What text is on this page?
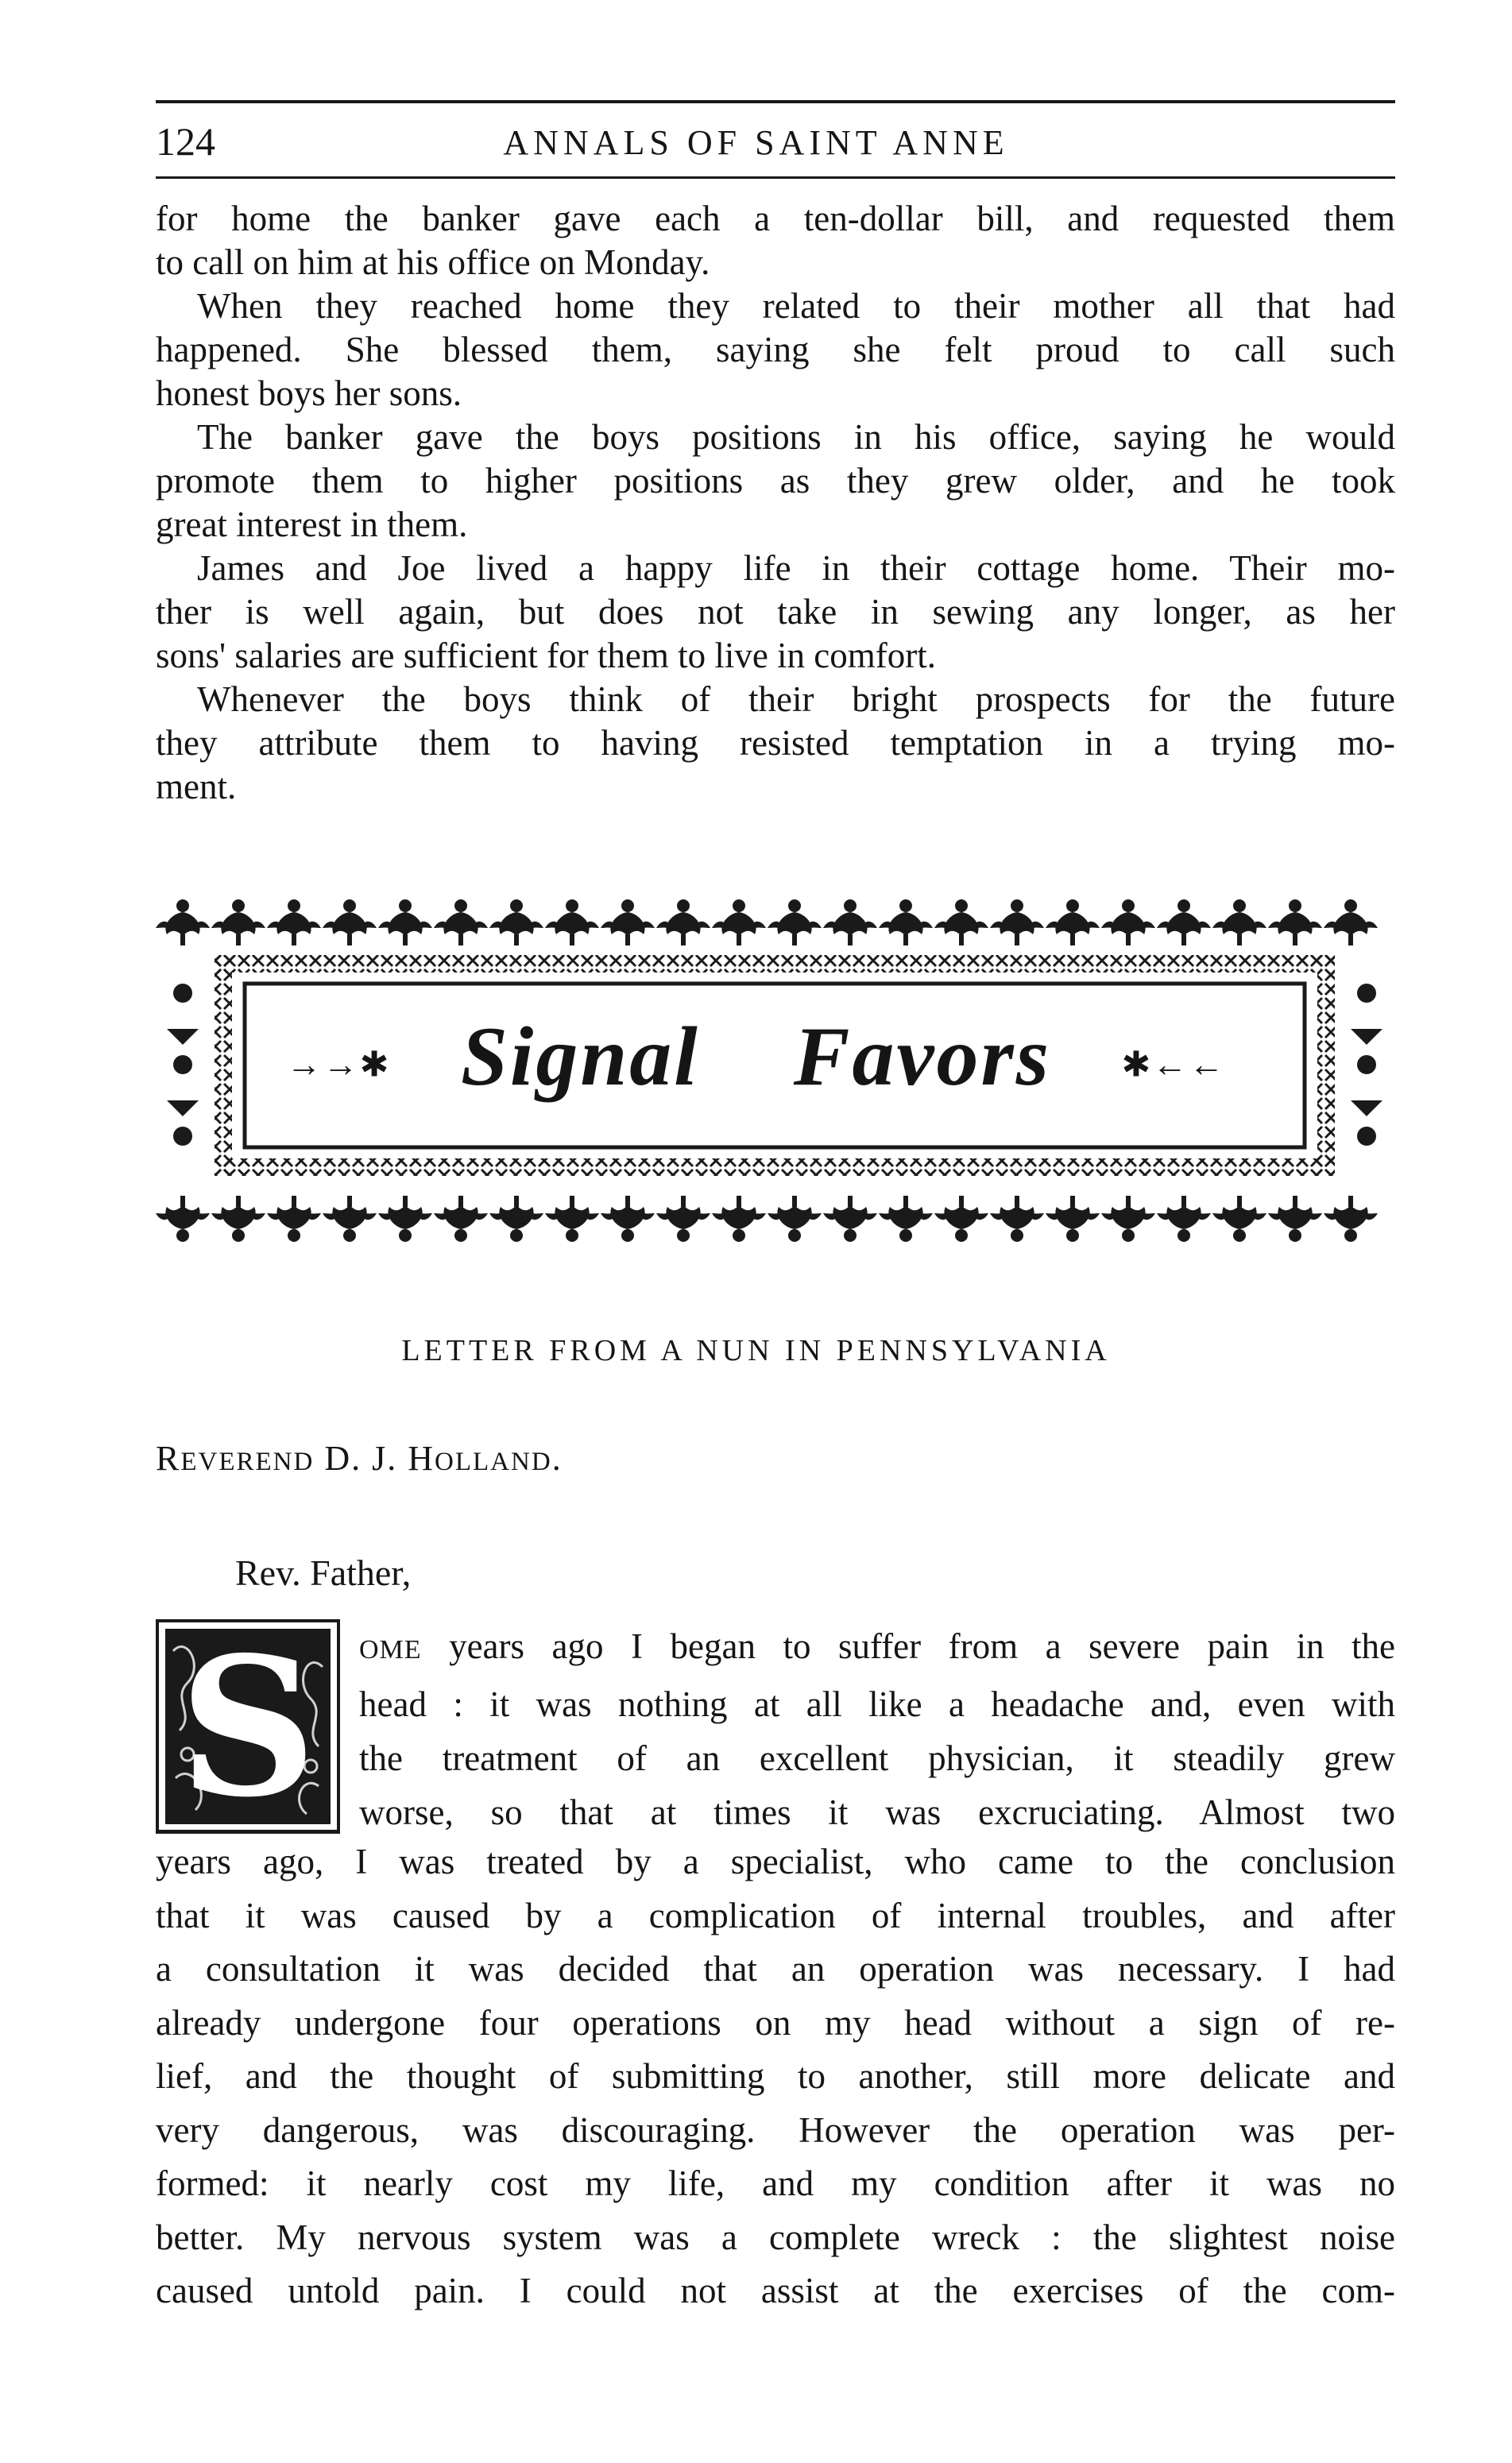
124	ANNALS OF SAINT ANNE
for home the banker gave each a ten-dollar bill, and requested them
to call on him at his office on Monday.
When they reached home they related to their mother all that had
happened. She blessed them, saying she felt proud to call such
honest boys her sons.
The banker gave the boys positions in his office, saying he would
promote them to higher positions as they grew older, and he took
great interest in them.
James and Joe lived a happy life in their cottage home. Their mo-
ther is well again, but does not take in sewing any longer, as her
sons' salaries are sufficient for them to live in comfort.
Whenever the boys think of their bright prospects for the future
they attribute them to having resisted temptation in a trying mo-
ment.
→→✱ Signal Favors ✱←←
LETTER FROM A NUN IN PENNSYLVANIA
REVEREND D. J. HOLLAND.
Rev. Father,
S	OME years ago I began to suffer from a severe pain in the
head : it was nothing at all like a headache and, even with
the treatment of an excellent physician, it steadily grew
worse, so that at times it was excruciating. Almost two
years ago, I was treated by a specialist, who came to the conclusion
that it was caused by a complication of internal troubles, and after
a consultation it was decided that an operation was necessary. I had
already undergone four operations on my head without a sign of re-
lief, and the thought of submitting to another, still more delicate and
very dangerous, was discouraging. However the operation was per-
formed: it nearly cost my life, and my condition after it was no
better. My nervous system was a complete wreck : the slightest noise
caused untold pain. I could not assist at the exercises of the com-
